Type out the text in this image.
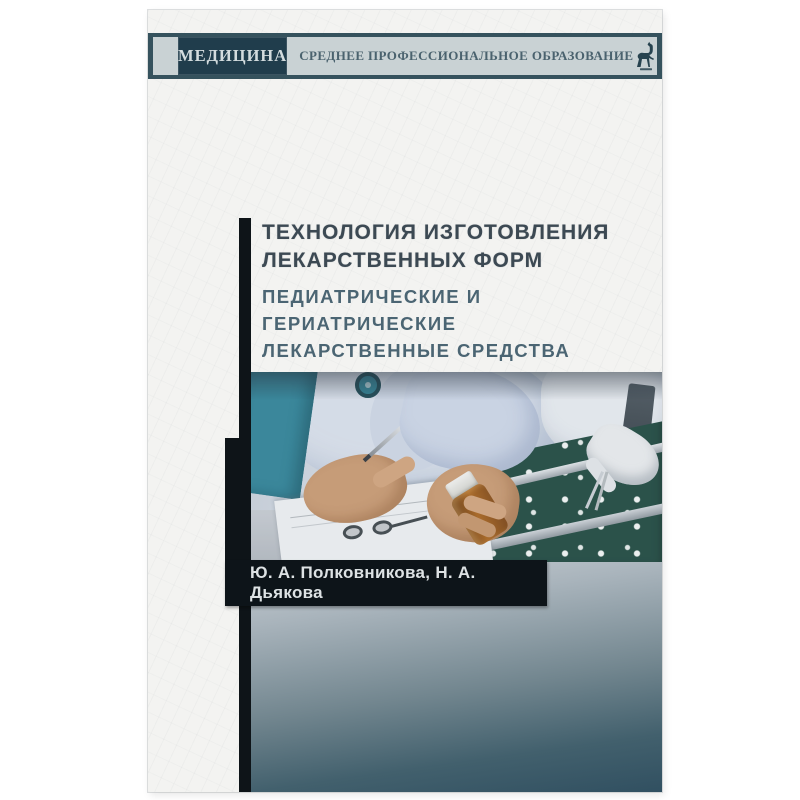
МЕДИЦИНА СРЕДНЕЕ ПРОФЕССИОНАЛЬНОЕ ОБРАЗОВАНИЕ
ТЕХНОЛОГИЯ ИЗГОТОВЛЕНИЯ
ЛЕКАРСТВЕННЫХ ФОРМ
ПЕДИАТРИЧЕСКИЕ И
ГЕРИАТРИЧЕСКИЕ
ЛЕКАРСТВЕННЫЕ СРЕДСТВА
Ю. А. Полковникова, Н. А. Дьякова
